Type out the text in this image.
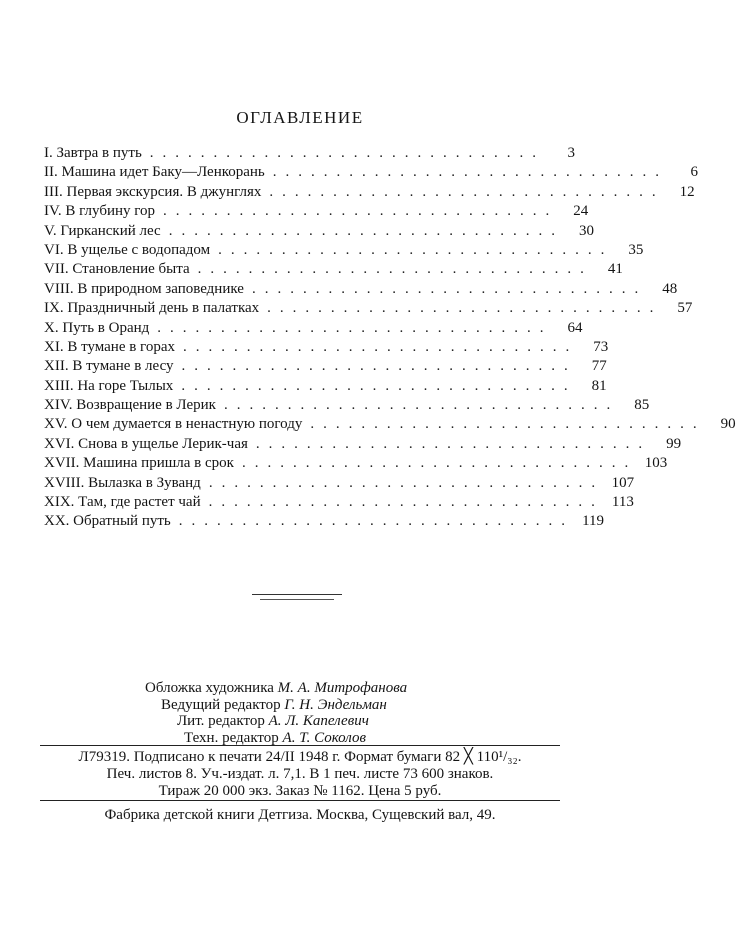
ОГЛАВЛЕНИЕ
I. Завтра в путь ...............................	3
II. Машина идет Баку—Ленкорань ...............................	6
III. Первая экскурсия. В джунглях ...............................	12
IV. В глубину гор ...............................	24
V. Гирканский лес ...............................	30
VI. В ущелье с водопадом ...............................	35
VII. Становление быта ...............................	41
VIII. В природном заповеднике ...............................	48
IX. Праздничный день в палатках ...............................	57
X. Путь в Оранд ...............................	64
XI. В тумане в горах ...............................	73
XII. В тумане в лесу ...............................	77
XIII. На горе Тылых ...............................	81
XIV. Возвращение в Лерик ...............................	85
XV. О чем думается в ненастную погоду ...............................	90
XVI. Снова в ущелье Лерик-чая ...............................	99
XVII. Машина пришла в срок ............................... 103
XVIII. Вылазка в Зуванд ............................... 107
XIX. Там, где растет чай ............................... 113
XX. Обратный путь ............................... 119
Обложка художника М. А. Митрофанова
Ведущий редактор Г. Н. Эндельман
Лит. редактор А. Л. Капелевич
Техн. редактор А. Т. Соколов
Л79319. Подписано к печати 24/II 1948 г. Формат бумаги 82 ╳ 110¹/₃₂.
Печ. листов 8. Уч.-издат. л. 7,1. В 1 печ. листе 73 600 знаков.
Тираж 20 000 экз. Заказ № 1162. Цена 5 руб.
Фабрика детской книги Детгиза. Москва, Сущевский вал, 49.
